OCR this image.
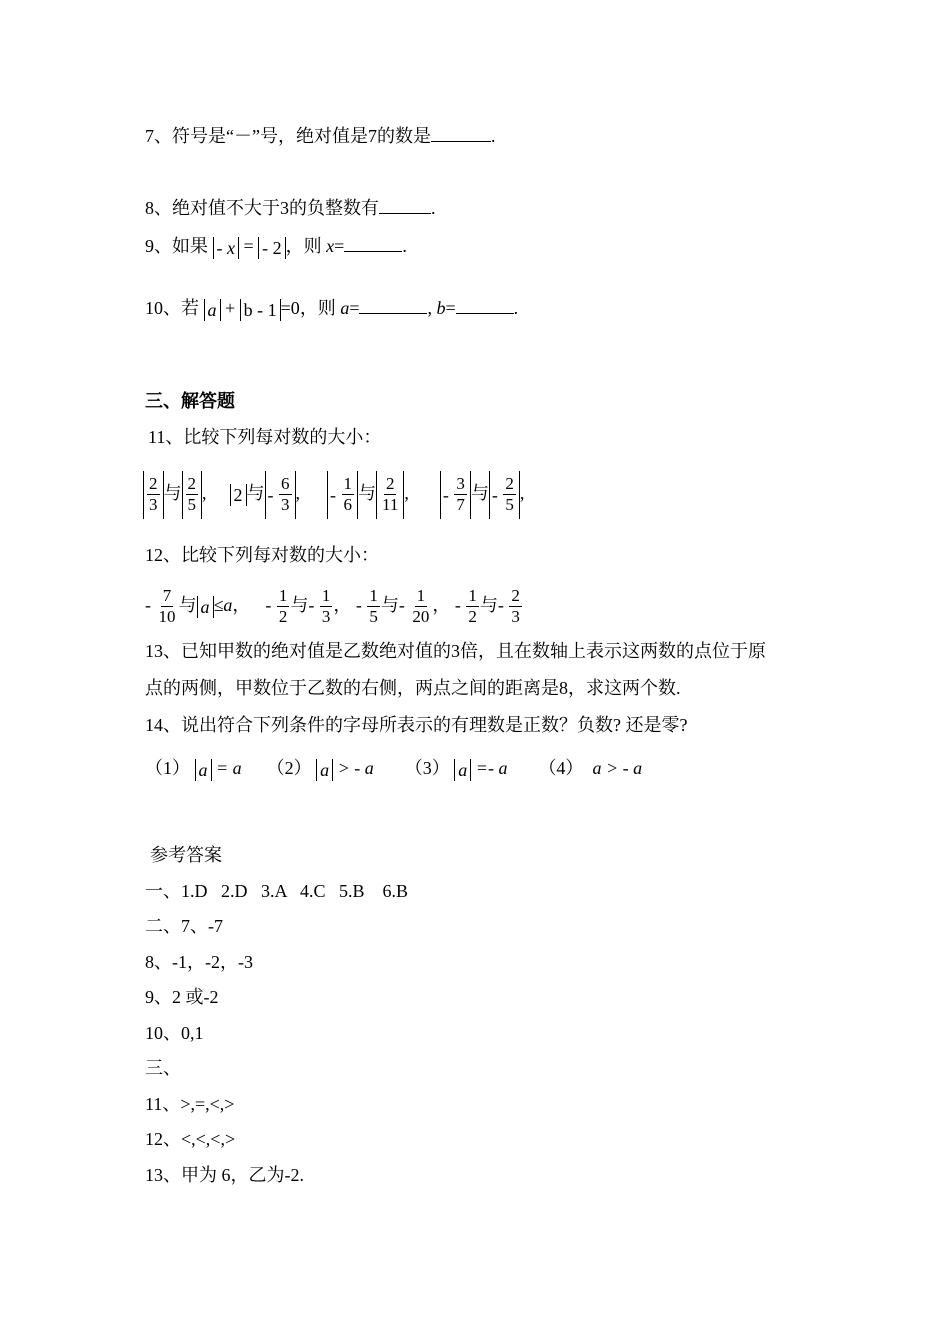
7、符号是“－”号，绝对值是7的数是	.
8、绝对值不大于3的负整数有	.
9、如果 - x = - 2 ，则 x=	.
10、若 a + b - 1 =0，则 a=	, b=	.
三、解答题
11、比较下列每对数的大小：
$\frac{2}{3}$ 与 $\frac{2}{5}$ , 2 与 -
$\frac{6}{3}$ , -
$\frac{1}{6}$ 与 $\frac{2}{11}$ , -
$\frac{3}{7}$ 与 -
$\frac{2}{5}$ ,
12、比较下列每对数的大小：
- $\frac{7}{10}$ 与 a ≤a， - $\frac{1}{2}$ 与- $\frac{1}{3}$ ， - $\frac{1}{5}$ 与- $\frac{1}{20}$ ， - $\frac{1}{2}$ 与- $\frac{2}{3}$
13、已知甲数的绝对值是乙数绝对值的3倍，且在数轴上表示这两数的点位于原
点的两侧，甲数位于乙数的右侧，两点之间的距离是8，求这两个数.
14、说出符合下列条件的字母所表示的有理数是正数？负数? 还是零?
（1） a = a （2） a > - a （3） a =- a （4） a > - a
参考答案
一、1.D   2.D   3.A   4.C   5.B    6.B
二、7、-7
8、-1，-2，-3
9、2 或-2
10、0,1
三、
11、>,=,<,>
12、<,<,<,>
13、甲为 6，乙为-2.
